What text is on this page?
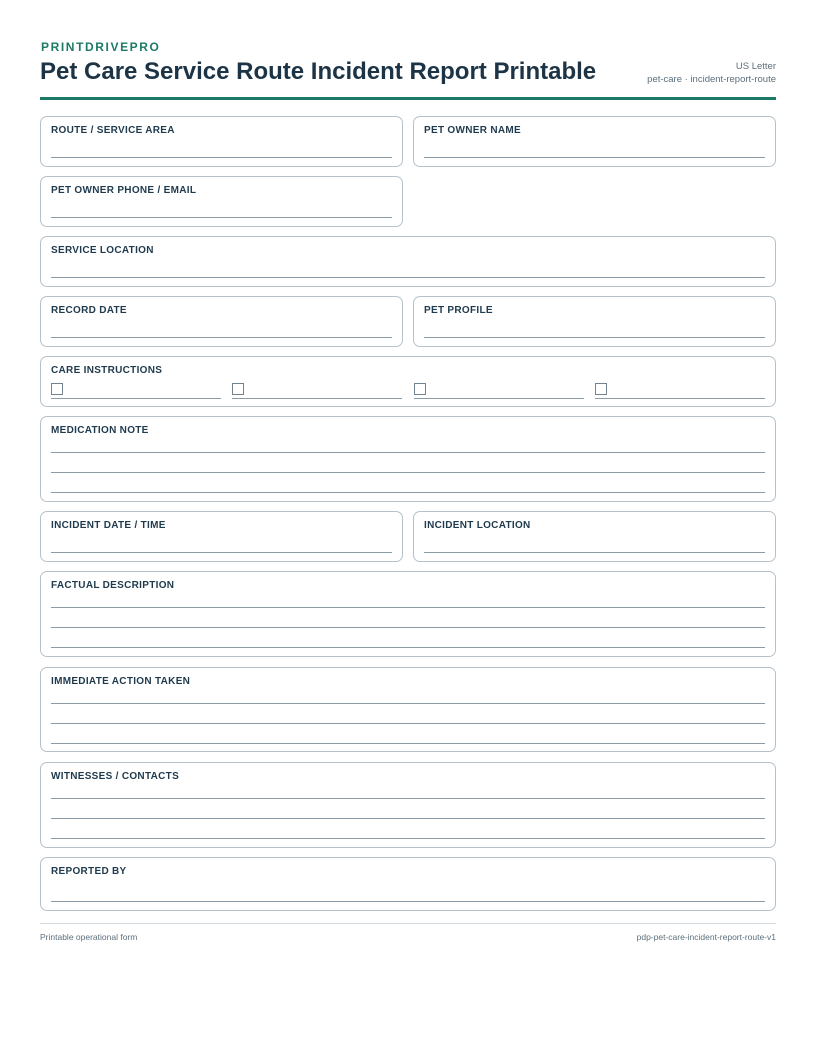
PRINTDRIVEPRO
Pet Care Service Route Incident Report Printable	US Letter
pet-care · incident-report-route
ROUTE / SERVICE AREA	PET OWNER NAME
PET OWNER PHONE / EMAIL
SERVICE LOCATION
RECORD DATE	PET PROFILE
CARE INSTRUCTIONS
MEDICATION NOTE
INCIDENT DATE / TIME	INCIDENT LOCATION
FACTUAL DESCRIPTION
IMMEDIATE ACTION TAKEN
WITNESSES / CONTACTS
REPORTED BY
Printable operational form	pdp-pet-care-incident-report-route-v1
